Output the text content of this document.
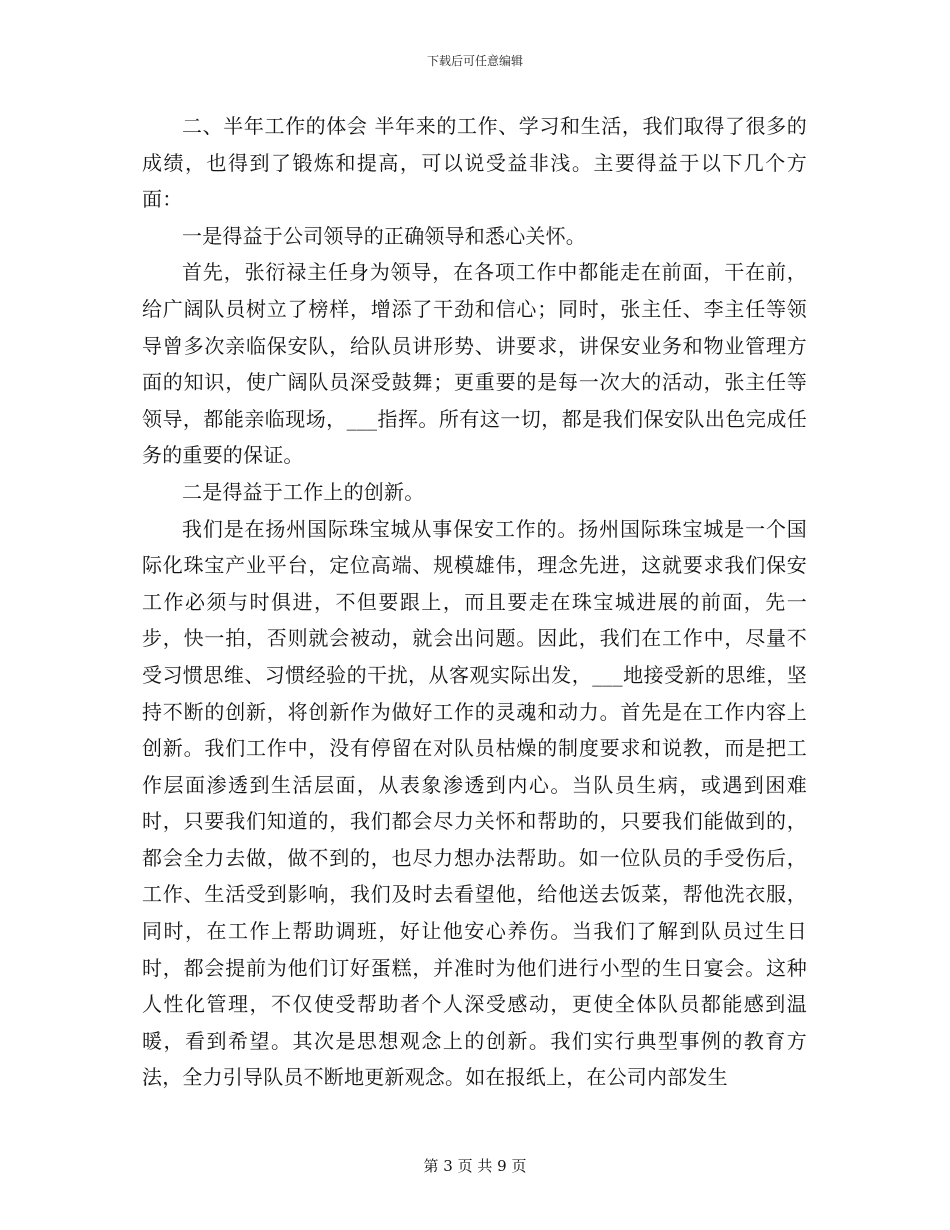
下载后可任意编辑

二、半年工作的体会 半年来的工作、学习和生活，我们取得了很多的成绩，也得到了锻炼和提高，可以说受益非浅。主要得益于以下几个方面：

一是得益于公司领导的正确领导和悉心关怀。

首先，张衍禄主任身为领导，在各项工作中都能走在前面，干在前，给广阔队员树立了榜样，增添了干劲和信心；同时，张主任、李主任等领导曾多次亲临保安队，给队员讲形势、讲要求，讲保安业务和物业管理方面的知识，使广阔队员深受鼓舞；更重要的是每一次大的活动，张主任等领导，都能亲临现场，___指挥。所有这一切，都是我们保安队出色完成任务的重要的保证。

二是得益于工作上的创新。

我们是在扬州国际珠宝城从事保安工作的。扬州国际珠宝城是一个国际化珠宝产业平台，定位高端、规模雄伟，理念先进，这就要求我们保安工作必须与时俱进，不但要跟上，而且要走在珠宝城进展的前面，先一步，快一拍，否则就会被动，就会出问题。因此，我们在工作中，尽量不受习惯思维、习惯经验的干扰，从客观实际出发，___地接受新的思维，坚持不断的创新，将创新作为做好工作的灵魂和动力。首先是在工作内容上创新。我们工作中，没有停留在对队员枯燥的制度要求和说教，而是把工作层面渗透到生活层面，从表象渗透到内心。当队员生病，或遇到困难时，只要我们知道的，我们都会尽力关怀和帮助的，只要我们能做到的，都会全力去做，做不到的，也尽力想办法帮助。如一位队员的手受伤后，工作、生活受到影响，我们及时去看望他，给他送去饭菜，帮他洗衣服，同时，在工作上帮助调班，好让他安心养伤。当我们了解到队员过生日时，都会提前为他们订好蛋糕，并准时为他们进行小型的生日宴会。这种人性化管理，不仅使受帮助者个人深受感动，更使全体队员都能感到温暖，看到希望。其次是思想观念上的创新。我们实行典型事例的教育方法，全力引导队员不断地更新观念。如在报纸上，在公司内部发生

第 3 页 共 9 页
